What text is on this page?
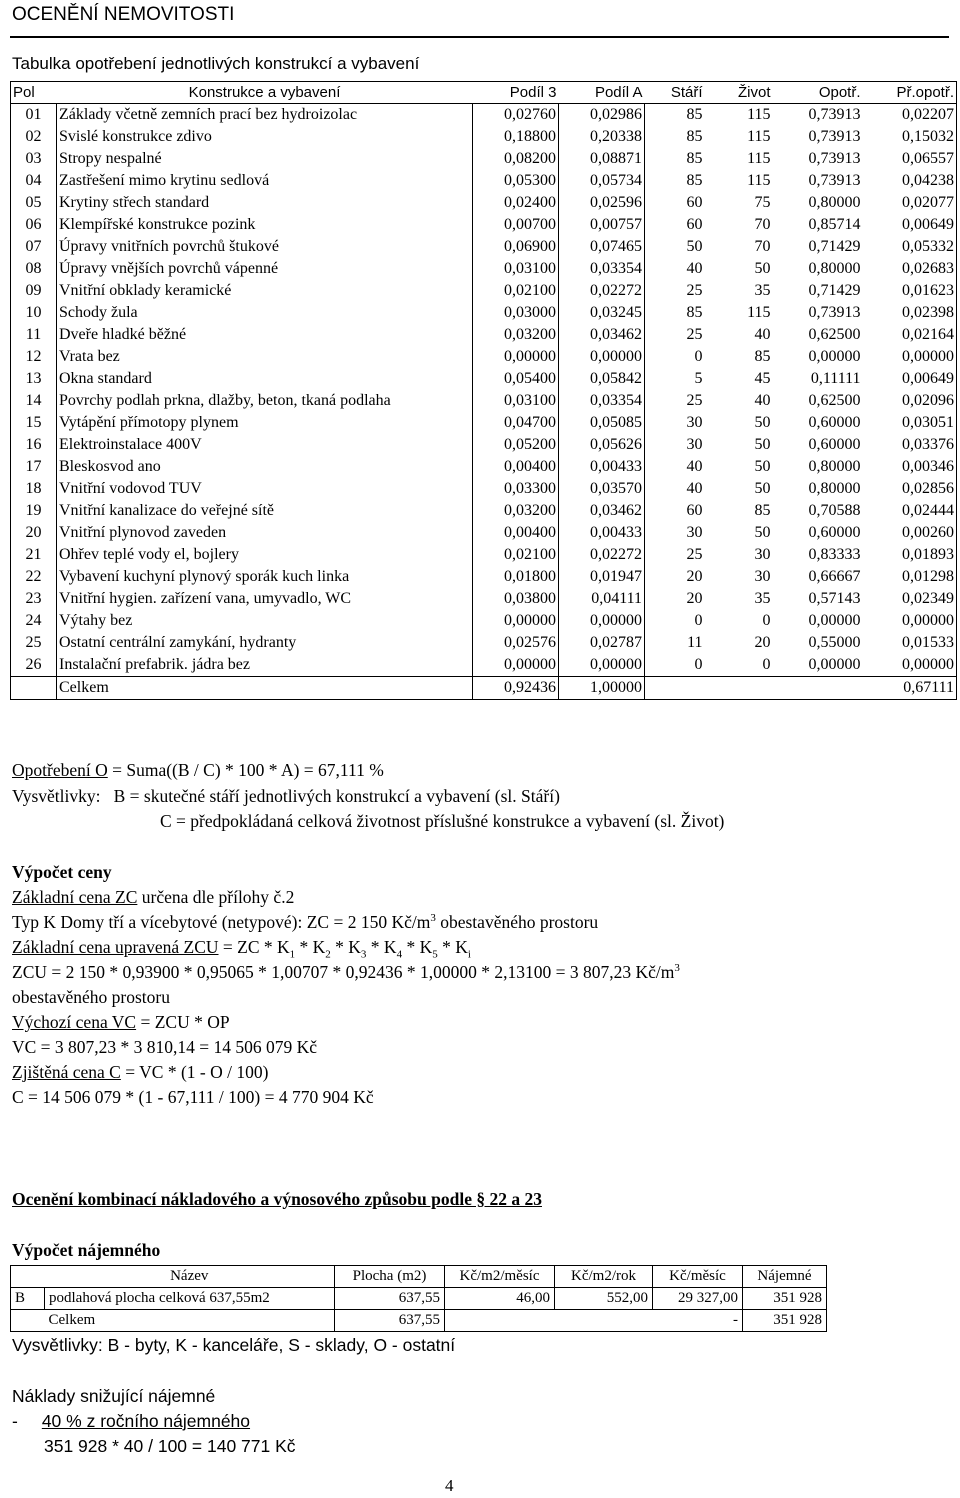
OCENĚNÍ NEMOVITOSTI
Tabulka opotřebení jednotlivých konstrukcí a vybavení
Pol	Konstrukce a vybavení	Podíl 3	Podíl A	Stáří	Život	Opotř.	Př.opotř.
01	Základy včetně zemních prací bez hydroizolac	0,02760	0,02986	85	115	0,73913	0,02207
02	Svislé konstrukce zdivo	0,18800	0,20338	85	115	0,73913	0,15032
03	Stropy nespalné	0,08200	0,08871	85	115	0,73913	0,06557
04	Zastřešení mimo krytinu sedlová	0,05300	0,05734	85	115	0,73913	0,04238
05	Krytiny střech standard	0,02400	0,02596	60	75	0,80000	0,02077
06	Klempířské konstrukce pozink	0,00700	0,00757	60	70	0,85714	0,00649
07	Úpravy vnitřních povrchů štukové	0,06900	0,07465	50	70	0,71429	0,05332
08	Úpravy vnějších povrchů vápenné	0,03100	0,03354	40	50	0,80000	0,02683
09	Vnitřní obklady keramické	0,02100	0,02272	25	35	0,71429	0,01623
10	Schody žula	0,03000	0,03245	85	115	0,73913	0,02398
11	Dveře hladké běžné	0,03200	0,03462	25	40	0,62500	0,02164
12	Vrata bez	0,00000	0,00000	0	85	0,00000	0,00000
13	Okna standard	0,05400	0,05842	5	45	0,11111	0,00649
14	Povrchy podlah prkna, dlažby, beton, tkaná podlaha	0,03100	0,03354	25	40	0,62500	0,02096
15	Vytápění přímotopy plynem	0,04700	0,05085	30	50	0,60000	0,03051
16	Elektroinstalace 400V	0,05200	0,05626	30	50	0,60000	0,03376
17	Bleskosvod ano	0,00400	0,00433	40	50	0,80000	0,00346
18	Vnitřní vodovod TUV	0,03300	0,03570	40	50	0,80000	0,02856
19	Vnitřní kanalizace do veřejné sítě	0,03200	0,03462	60	85	0,70588	0,02444
20	Vnitřní plynovod zaveden	0,00400	0,00433	30	50	0,60000	0,00260
21	Ohřev teplé vody el, bojlery	0,02100	0,02272	25	30	0,83333	0,01893
22	Vybavení kuchyní plynový sporák kuch linka	0,01800	0,01947	20	30	0,66667	0,01298
23	Vnitřní hygien. zařízení vana, umyvadlo, WC	0,03800	0,04111	20	35	0,57143	0,02349
24	Výtahy bez	0,00000	0,00000	0	0	0,00000	0,00000
25	Ostatní centrální zamykání, hydranty	0,02576	0,02787	11	20	0,55000	0,01533
26	Instalační prefabrik. jádra bez	0,00000	0,00000	0	0	0,00000	0,00000
	Celkem	0,92436	1,00000				0,67111
Opotřebení O = Suma((B / C) * 100 * A) = 67,111 %
Vysvětlivky: B = skutečné stáří jednotlivých konstrukcí a vybavení (sl. Stáří)
C = předpokládaná celková životnost příslušné konstrukce a vybavení (sl. Život)
Výpočet ceny
Základní cena ZC určena dle přílohy č.2
Typ K Domy tří a vícebytové (netypové): ZC = 2 150 $Kč/m^3$ obestavěného prostoru
Základní cena upravená ZCU = ZC * $K_1 * K_2 * K_3 * K_4 * K_5 * K_i$
ZCU = 2 150 * 0,93900 * 0,95065 * 1,00707 * 0,92436 * 1,00000 * 2,13100 = 3 807,23 $Kč/m^3$
obestavěného prostoru
Výchozí cena VC = ZCU * OP
VC = 3 807,23 * 3 810,14 = 14 506 079 Kč
Zjištěná cena C = VC * (1 - O / 100)
C = 14 506 079 * (1 - 67,111 / 100) = 4 770 904 Kč
Ocenění kombinací nákladového a výnosového způsobu podle § 22 a 23
Výpočet nájemného
	Název	Plocha (m2)	Kč/m2/měsíc	Kč/m2/rok	Kč/měsíc	Nájemné
B	podlahová plocha celková 637,55m2	637,55	46,00	552,00	29 327,00	351 928
	Celkem	637,55			-	351 928
Vysvětlivky: B - byty, K - kanceláře, S - sklady, O - ostatní
Náklady snižující nájemné
- 40 % z ročního nájemného
351 928 * 40 / 100 = 140 771 Kč
4
